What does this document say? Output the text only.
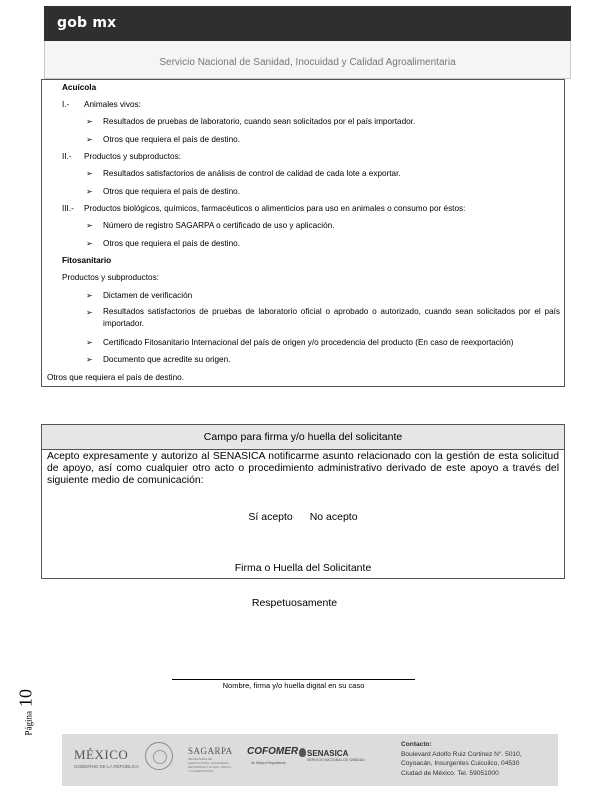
gob mx
Servicio Nacional de Sanidad, Inocuidad y Calidad Agroalimentaria
Acuícola
I.- Animales vivos:
➢ Resultados de pruebas de laboratorio, cuando sean solicitados por el país importador.
➢ Otros que requiera el país de destino.
II.- Productos y subproductos:
➢ Resultados satisfactorios de análisis de control de calidad de cada lote a exportar.
➢ Otros que requiera el país de destino.
III.- Productos biológicos, químicos, farmacéuticos o alimenticios para uso en animales o consumo por éstos:
➢ Número de registro SAGARPA o certificado de uso y aplicación.
➢ Otros que requiera el país de destino.
Fitosanitario
Productos y subproductos:
➢ Dictamen de verificación
➢ Resultados satisfactorios de pruebas de laboratorio oficial o aprobado o autorizado, cuando sean solicitados por el país importador.
➢ Certificado Fitosanitario Internacional del país de origen y/o procedencia del producto (En caso de reexportación)
➢ Documento que acredite su origen.
Otros que requiera el país de destino.
Campo para firma y/o huella del solicitante
Acepto expresamente y autorizo al SENASICA notificarme asunto relacionado con la gestión de esta solicitud de apoyo, así como cualquier otro acto o procedimiento administrativo derivado de este apoyo a través del siguiente medio de comunicación:
Sí acepto No acepto
Firma o Huella del Solicitante
Respetuosamente
Nombre, firma y/o huella digital en su caso
Página 10
MÉXICO
GOBIERNO DE LA REPÚBLICA
SAGARPA
SECRETARÍA DE AGRICULTURA, GANADERÍA, DESARROLLO RURAL, PESCA Y ALIMENTACIÓN
COFOMER
de Mejora Regulatoria
SENASICA
SERVICIO NACIONAL DE SANIDAD
Contacto:
Boulevard Adolfo Ruiz Cortinez N°. 5010,
Coyoacán, Insurgentes Cuicuilco, 04530
Ciudad de México. Tel. 59051000
